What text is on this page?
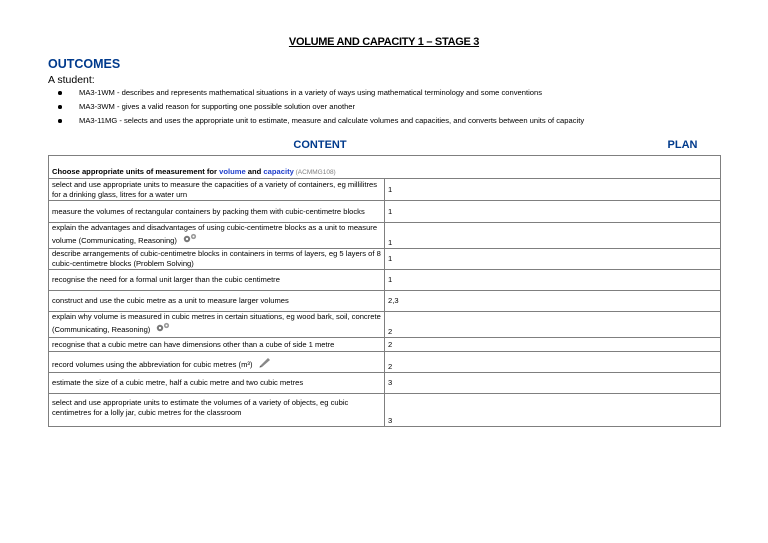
VOLUME AND CAPACITY 1 – STAGE 3
OUTCOMES
A student:
MA3-1WM - describes and represents mathematical situations in a variety of ways using mathematical terminology and some conventions
MA3-3WM - gives a valid reason for supporting one possible solution over another
MA3-11MG - selects and uses the appropriate unit to estimate, measure and calculate volumes and capacities, and converts between units of capacity
CONTENT	PLAN
Choose appropriate units of measurement for volume and capacity (ACMMG108)	
select and use appropriate units to measure the capacities of a variety of containers, eg millilitres for a drinking glass, litres for a water urn	1
measure the volumes of rectangular containers by packing them with cubic-centimetre blocks	1
explain the advantages and disadvantages of using cubic-centimetre blocks as a unit to measure volume (Communicating, Reasoning)	1
describe arrangements of cubic-centimetre blocks in containers in terms of layers, eg 5 layers of 8 cubic-centimetre blocks (Problem Solving)	1
recognise the need for a formal unit larger than the cubic centimetre	1
construct and use the cubic metre as a unit to measure larger volumes	2,3
explain why volume is measured in cubic metres in certain situations, eg wood bark, soil, concrete (Communicating, Reasoning)	2
recognise that a cubic metre can have dimensions other than a cube of side 1 metre	2
record volumes using the abbreviation for cubic metres (m³)	2
estimate the size of a cubic metre, half a cubic metre and two cubic metres	3
select and use appropriate units to estimate the volumes of a variety of objects, eg cubic centimetres for a lolly jar, cubic metres for the classroom	3
